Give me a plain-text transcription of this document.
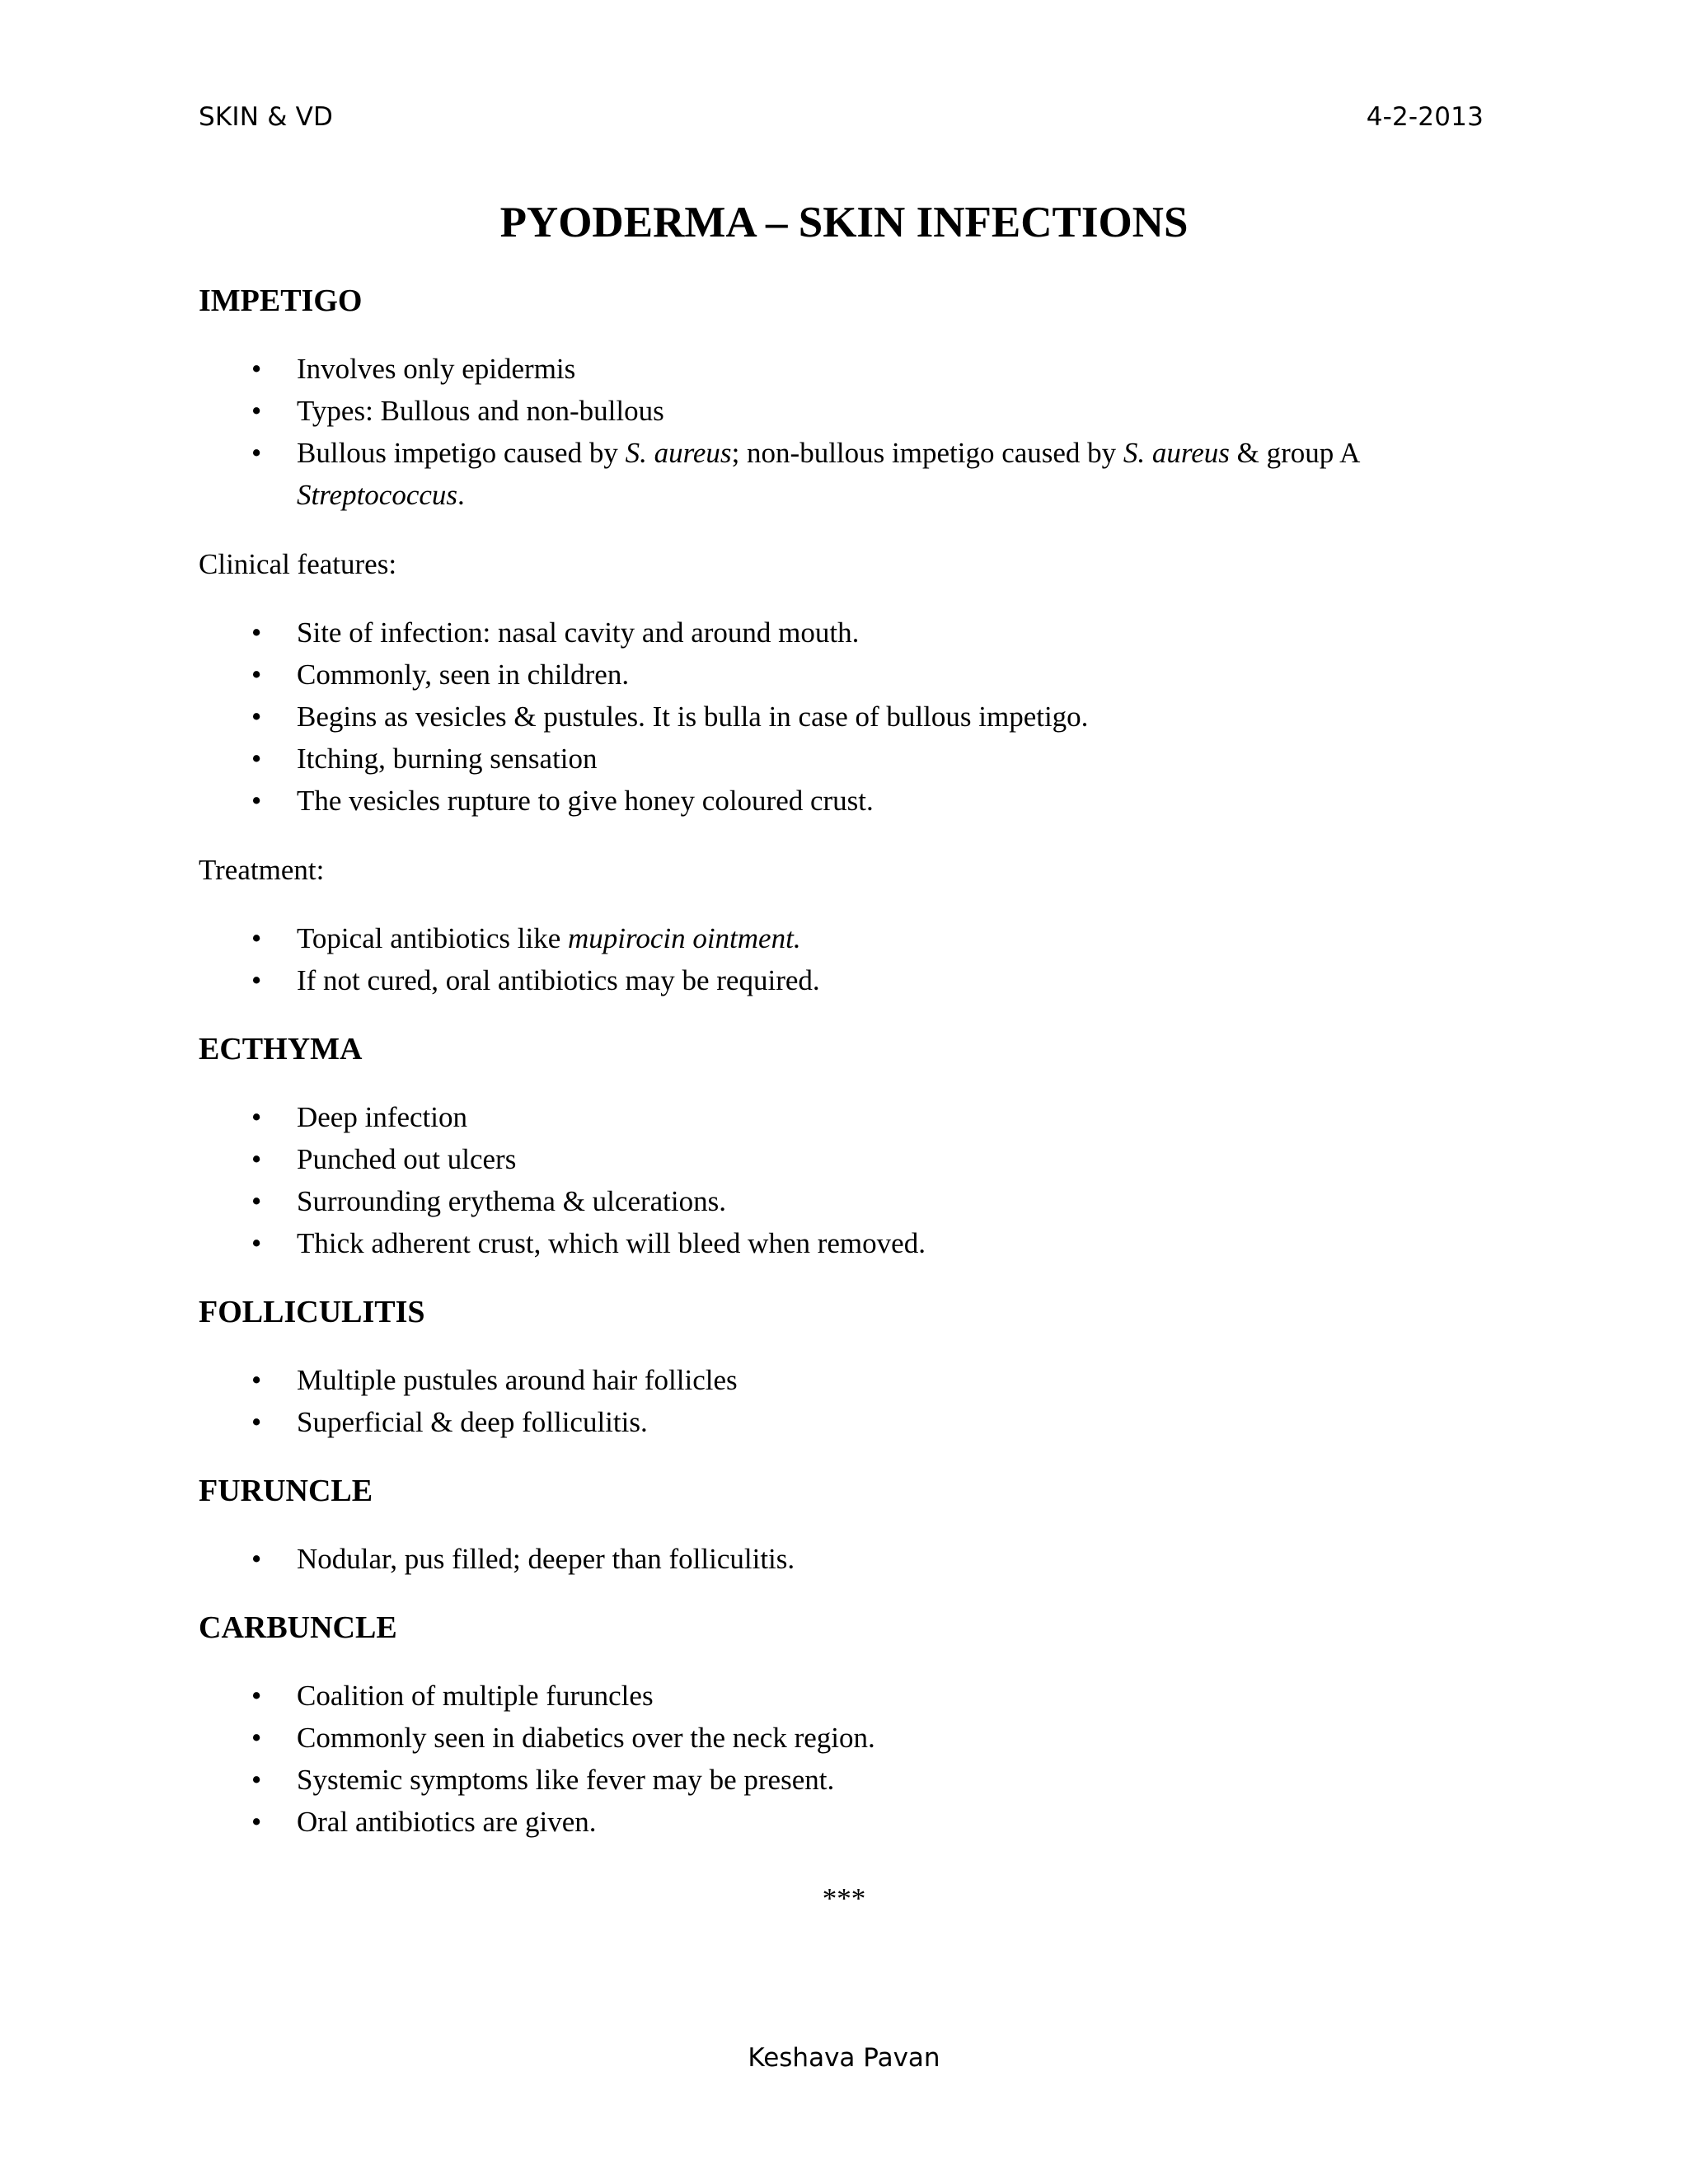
SKIN & VD	4-2-2013
PYODERMA – SKIN INFECTIONS
IMPETIGO
• Involves only epidermis
• Types: Bullous and non-bullous
• Bullous impetigo caused by S. aureus; non-bullous impetigo caused by S. aureus & group A
Streptococcus.
Clinical features:
• Site of infection: nasal cavity and around mouth.
• Commonly, seen in children.
• Begins as vesicles & pustules. It is bulla in case of bullous impetigo.
• Itching, burning sensation
• The vesicles rupture to give honey coloured crust.
Treatment:
• Topical antibiotics like mupirocin ointment.
• If not cured, oral antibiotics may be required.
ECTHYMA
• Deep infection
• Punched out ulcers
• Surrounding erythema & ulcerations.
• Thick adherent crust, which will bleed when removed.
FOLLICULITIS
• Multiple pustules around hair follicles
• Superficial & deep folliculitis.
FURUNCLE
• Nodular, pus filled; deeper than folliculitis.
CARBUNCLE
• Coalition of multiple furuncles
• Commonly seen in diabetics over the neck region.
• Systemic symptoms like fever may be present.
• Oral antibiotics are given.
***
Keshava Pavan
